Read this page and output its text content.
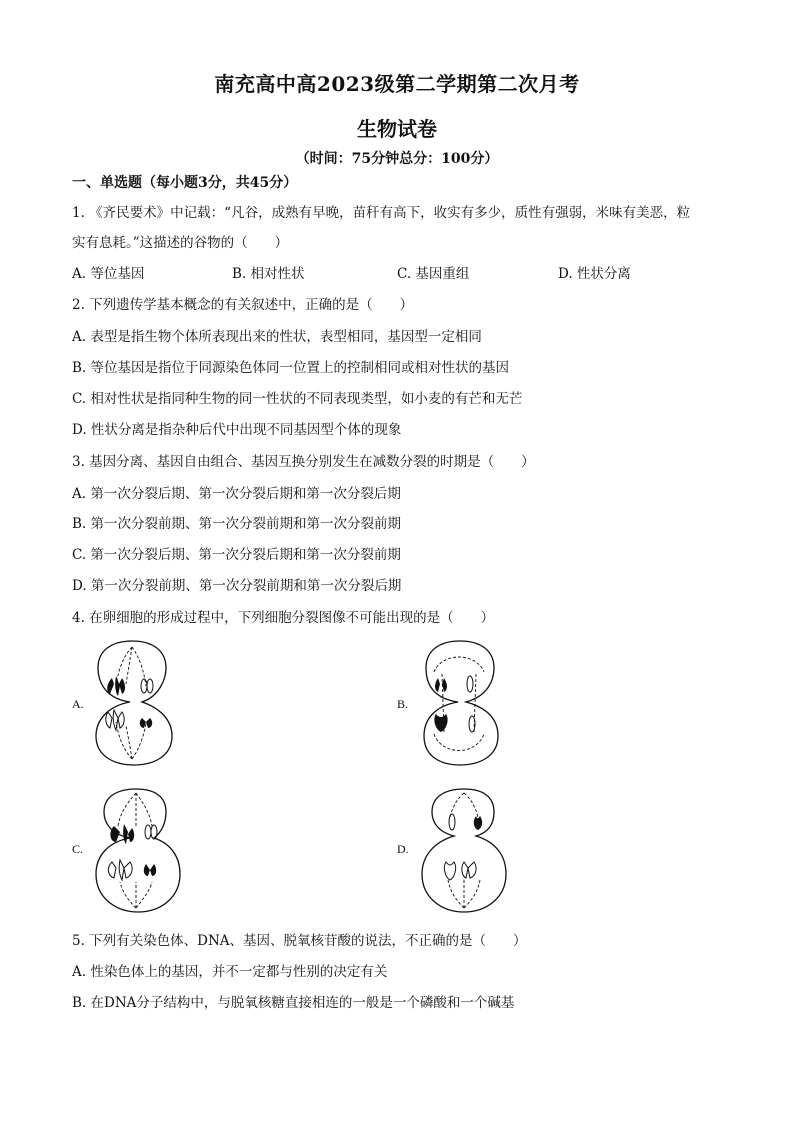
南充高中高2023级第二学期第二次月考
生物试卷
（时间：75分钟总分：100分）
一、单选题（每小题3分，共45分）
1. 《齐民要术》中记载：“凡谷，成熟有早晚，苗秆有高下，收实有多少，质性有强弱，米味有美恶，粒
实有息耗。”这描述的谷物的（　　）
A. 等位基因	B. 相对性状	C. 基因重组	D. 性状分离
2. 下列遗传学基本概念的有关叙述中，正确的是（　　）
A. 表型是指生物个体所表现出来的性状，表型相同，基因型一定相同
B. 等位基因是指位于同源染色体同一位置上的控制相同或相对性状的基因
C. 相对性状是指同种生物的同一性状的不同表现类型，如小麦的有芒和无芒
D. 性状分离是指杂种后代中出现不同基因型个体的现象
3. 基因分离、基因自由组合、基因互换分别发生在减数分裂的时期是（　　）
A. 第一次分裂后期、第一次分裂后期和第一次分裂后期
B. 第一次分裂前期、第一次分裂前期和第一次分裂前期
C. 第一次分裂后期、第一次分裂后期和第一次分裂前期
D. 第一次分裂前期、第一次分裂前期和第一次分裂后期
4. 在卵细胞的形成过程中，下列细胞分裂图像不可能出现的是（　　）
A.	B.
C.	D.
5. 下列有关染色体、DNA、基因、脱氧核苷酸的说法，不正确的是（　　）
A. 性染色体上的基因，并不一定都与性别的决定有关
B. 在DNA分子结构中，与脱氧核糖直接相连的一般是一个磷酸和一个碱基
